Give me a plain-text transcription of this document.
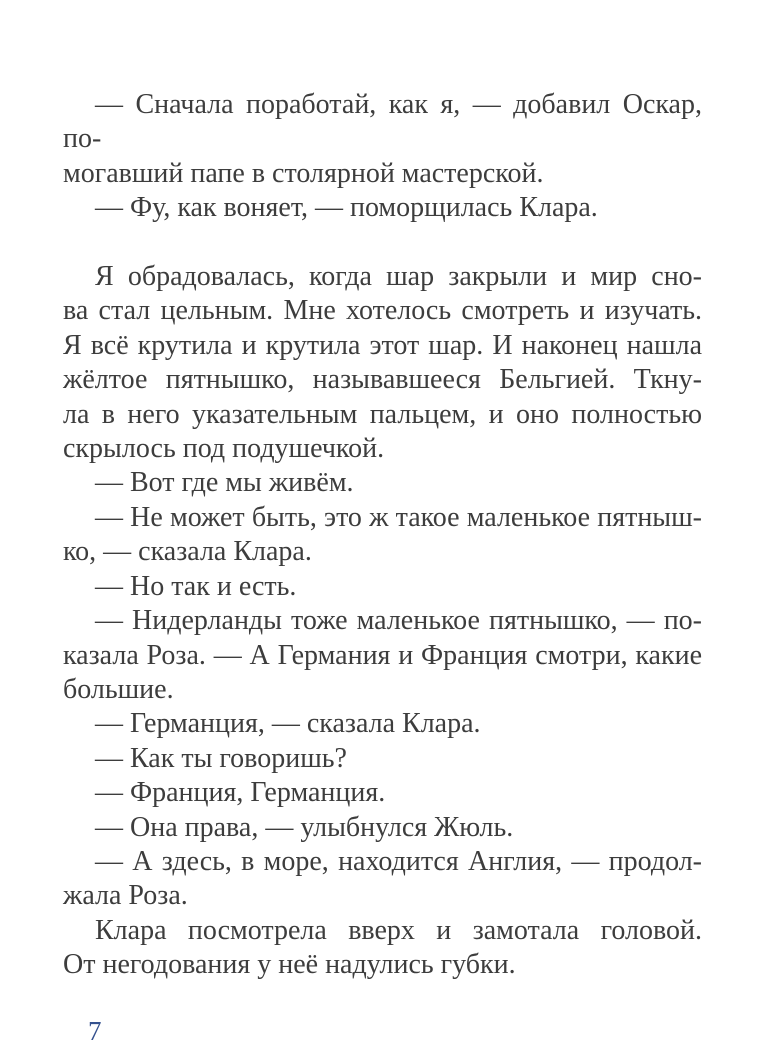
— Сначала поработай, как я, — добавил Оскар, по-
могавший папе в столярной мастерской.
— Фу, как воняет, — поморщилась Клара.

Я обрадовалась, когда шар закрыли и мир сно-
ва стал цельным. Мне хотелось смотреть и изучать.
Я всё крутила и крутила этот шар. И наконец нашла
жёлтое пятнышко, называвшееся Бельгией. Ткну-
ла в него указательным пальцем, и оно полностью
скрылось под подушечкой.
— Вот где мы живём.
— Не может быть, это ж такое маленькое пятныш-
ко, — сказала Клара.
— Но так и есть.
— Нидерланды тоже маленькое пятнышко, — по-
казала Роза. — А Германия и Франция смотри, какие
большие.
— Германция, — сказала Клара.
— Как ты говоришь?
— Франция, Германция.
— Она права, — улыбнулся Жюль.
— А здесь, в море, находится Англия, — продол-
жала Роза.
Клара посмотрела вверх и замотала головой.
От негодования у неё надулись губки.
7
